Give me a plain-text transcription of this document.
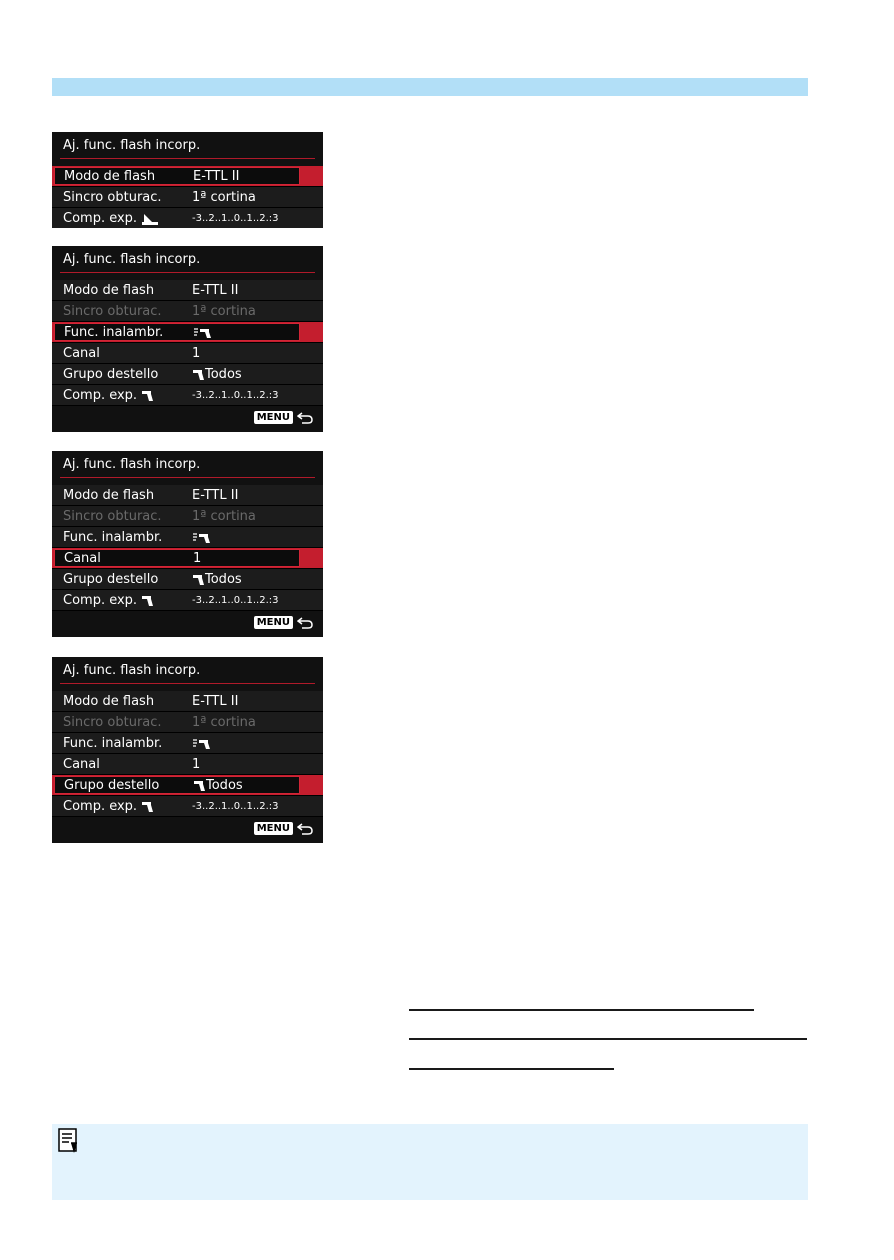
Aj. func. flash incorp.
Modo de flash	E-TTL II
Sincro obturac. 1ª cortina
Comp. exp.	-3..2..1..0..1..2.:3
Aj. func. flash incorp.
Modo de flash	E-TTL II
Sincro obturac. 1ª cortina
Func. inalambr.
Canal	1
Grupo destello	Todos
Comp. exp.	-3..2..1..0..1..2.:3
MENU
Aj. func. flash incorp.
Modo de flash	E-TTL II
Sincro obturac. 1ª cortina
Func. inalambr.
Canal	1
Grupo destello	Todos
Comp. exp.	-3..2..1..0..1..2.:3
MENU
Aj. func. flash incorp.
Modo de flash	E-TTL II
Sincro obturac. 1ª cortina
Func. inalambr.
Canal	1
Grupo destello	Todos
Comp. exp.	-3..2..1..0..1..2.:3
MENU
